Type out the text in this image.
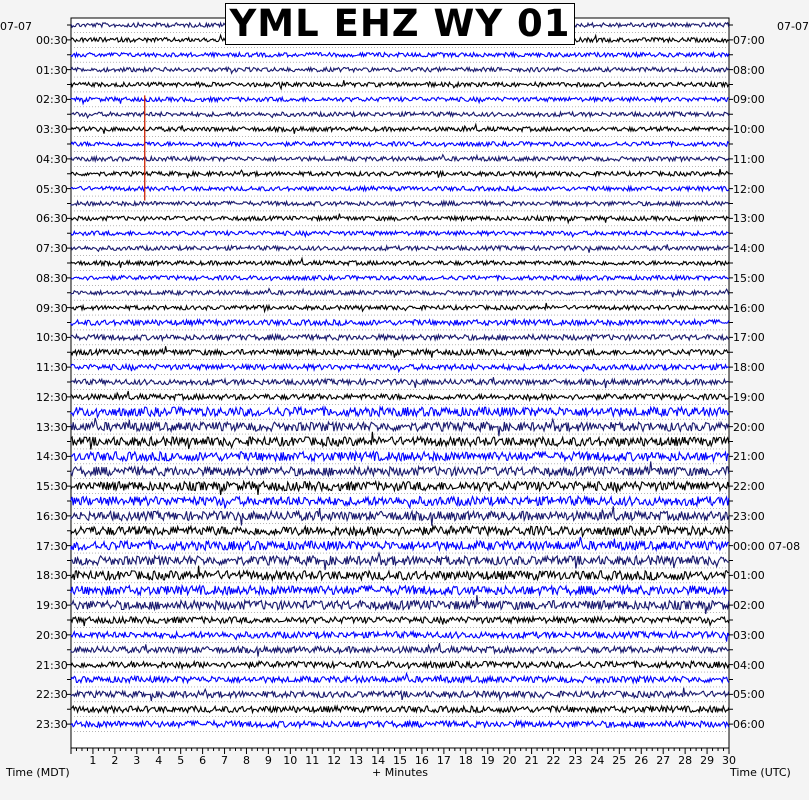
YML EHZ WY 01
07-07	07-07
00:30
01:30
02:30
03:30
04:30
05:30
06:30
07:30
08:30
09:30
10:30
11:30
12:30
13:30
14:30
15:30
16:30
17:30
18:30
19:30
20:30
21:30
22:30
23:30
07:00
08:00
09:00
10:00
11:00
12:00
13:00
14:00
15:00
16:00
17:00
18:00
19:00
20:00
21:00
22:00
23:00
00:00 07-08
01:00
02:00
03:00
04:00
05:00
06:00
1	2	3	4	5	6	7	8	9	10 11 12 13 14 15 16 17 18 19 20 21 22 23 24 25 26 27 28 29 30
Time (MDT)	+ Minutes	Time (UTC)
